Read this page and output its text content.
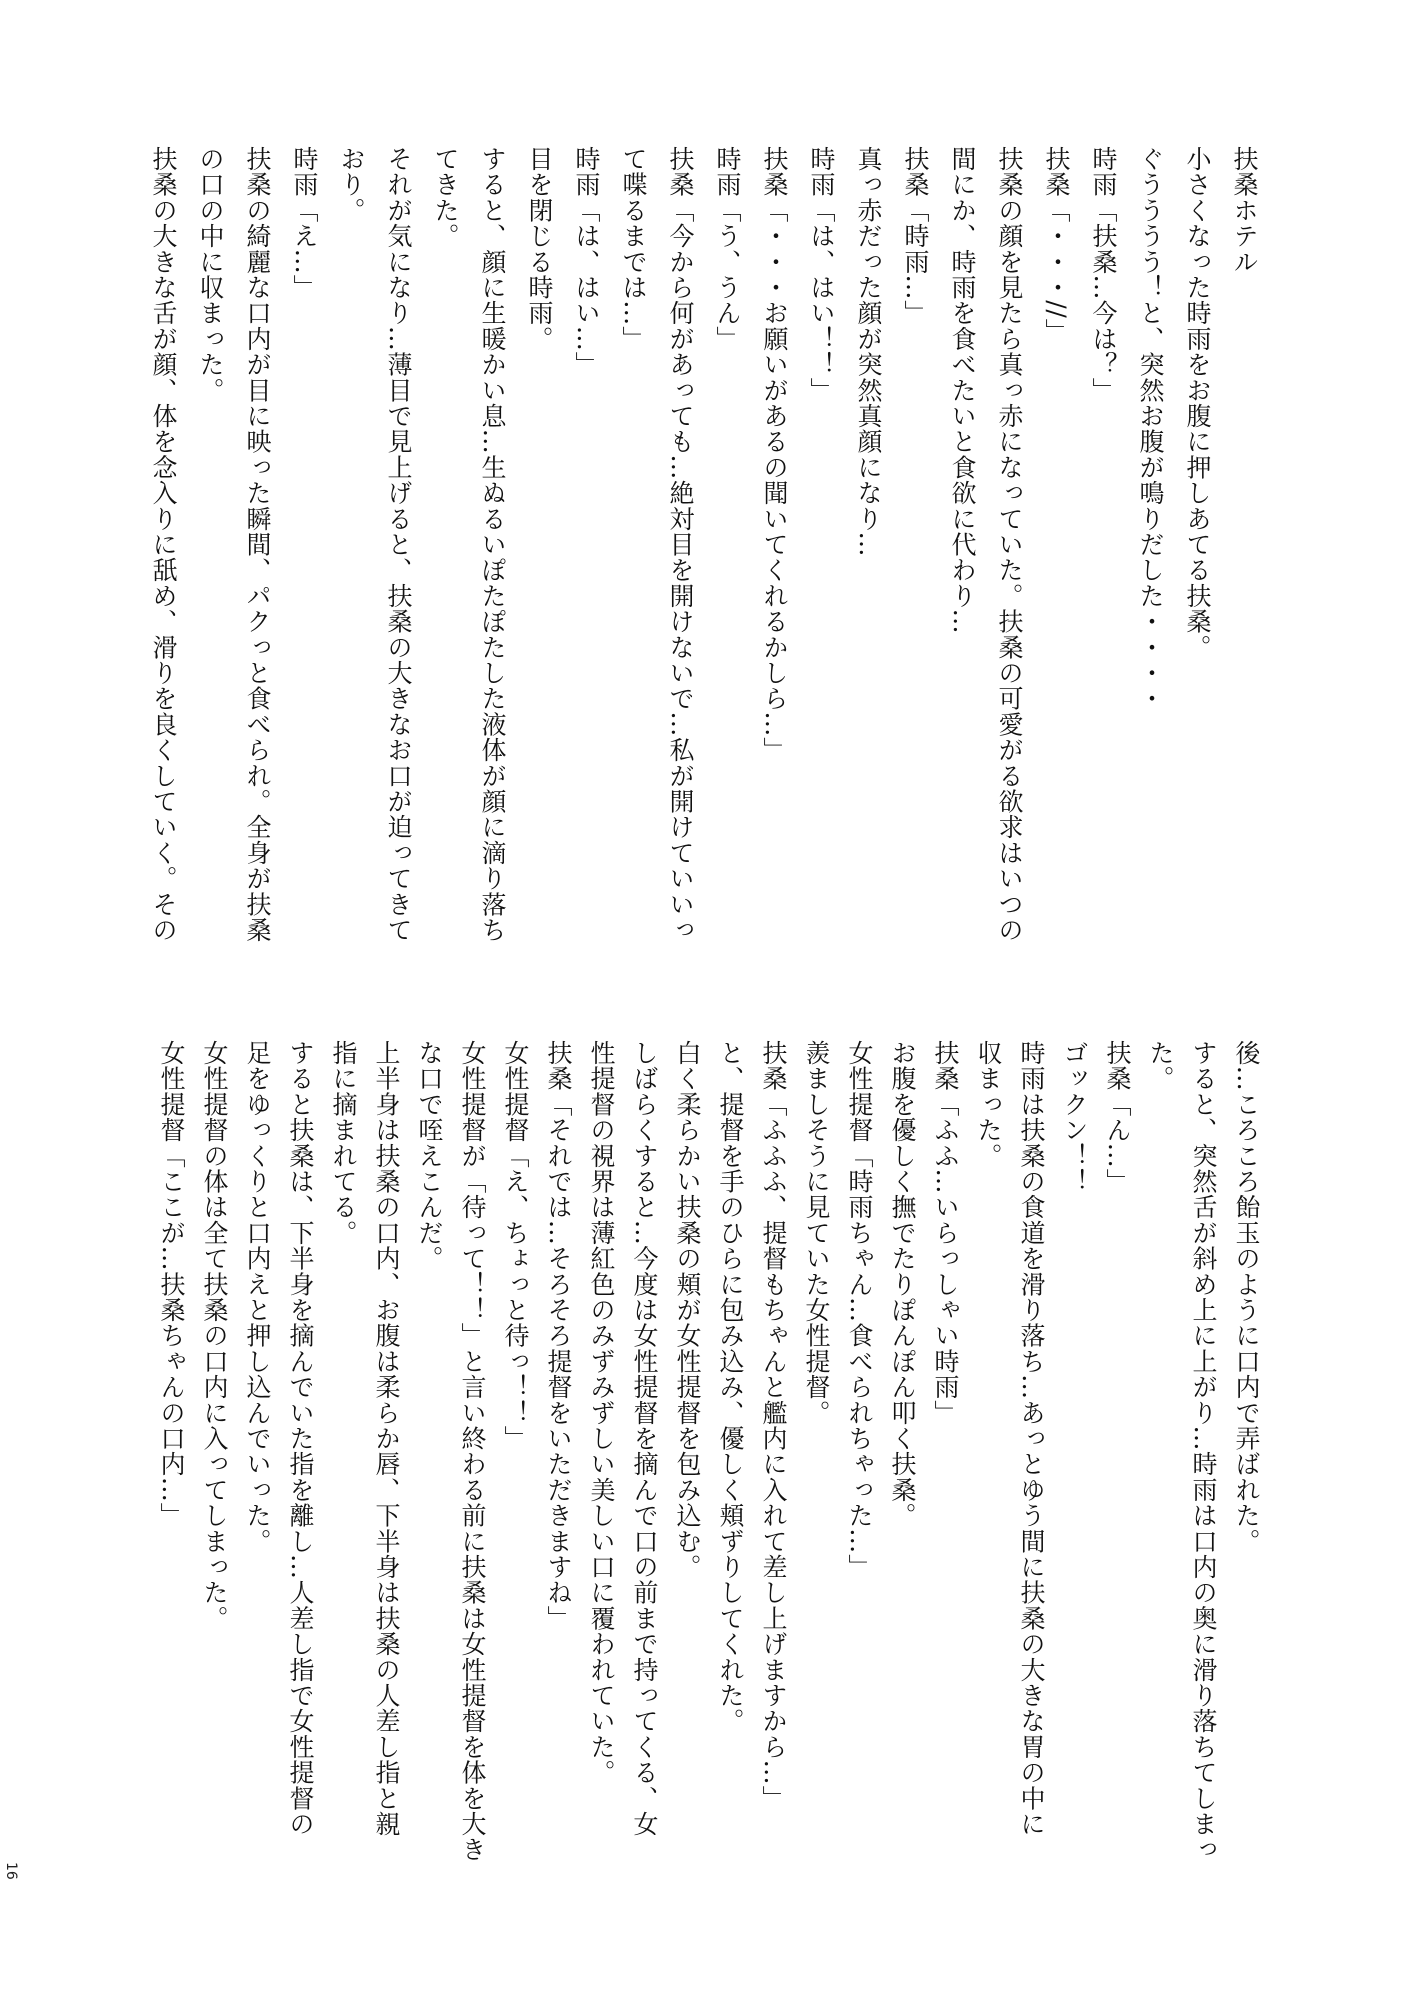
扶桑ホテル
小さくなった時雨をお腹に押しあてる扶桑。
ぐうううう！と、突然お腹が鳴りだした・・・・
時雨「扶桑…今は？」
扶桑「・・・//」
扶桑の顔を見たら真っ赤になっていた。扶桑の可愛がる欲求はいつの
間にか、時雨を食べたいと食欲に代わり…
扶桑「時雨…」
真っ赤だった顔が突然真顔になり…
時雨「は、はい！！」
扶桑「・・・お願いがあるの聞いてくれるかしら…」
時雨「う、うん」
扶桑「今から何があっても…絶対目を開けないで…私が開けていいっ
て喋るまでは…」
時雨「は、はい…」
目を閉じる時雨。
すると、顔に生暖かい息…生ぬるいぽたぽたした液体が顔に滴り落ち
てきた。
それが気になり…薄目で見上げると、扶桑の大きなお口が迫ってきて
おり。
時雨「え…」
扶桑の綺麗な口内が目に映った瞬間、パクっと食べられ。全身が扶桑
の口の中に収まった。
扶桑の大きな舌が顔、体を念入りに舐め、滑りを良くしていく。その
後…ころころ飴玉のように口内で弄ばれた。
すると、突然舌が斜め上に上がり…時雨は口内の奥に滑り落ちてしまっ
た。
扶桑「ん…」
ゴックン！！
時雨は扶桑の食道を滑り落ち…あっとゆう間に扶桑の大きな胃の中に
収まった。
扶桑「ふふ…いらっしゃい時雨」
お腹を優しく撫でたりぽんぽん叩く扶桑。
女性提督「時雨ちゃん…食べられちゃった…」
羨ましそうに見ていた女性提督。
扶桑「ふふふ、提督もちゃんと艦内に入れて差し上げますから…」
と、提督を手のひらに包み込み、優しく頬ずりしてくれた。
白く柔らかい扶桑の頬が女性提督を包み込む。
しばらくすると…今度は女性提督を摘んで口の前まで持ってくる、女
性提督の視界は薄紅色のみずみずしい美しい口に覆われていた。
扶桑「それでは…そろそろ提督をいただきますね」
女性提督「え、ちょっと待っ！！」
女性提督が「待って！！」と言い終わる前に扶桑は女性提督を体を大き
な口で咥えこんだ。
上半身は扶桑の口内、お腹は柔らか唇、下半身は扶桑の人差し指と親
指に摘まれてる。
すると扶桑は、下半身を摘んでいた指を離し…人差し指で女性提督の
足をゆっくりと口内えと押し込んでいった。
女性提督の体は全て扶桑の口内に入ってしまった。
女性提督「ここが…扶桑ちゃんの口内…」
16
